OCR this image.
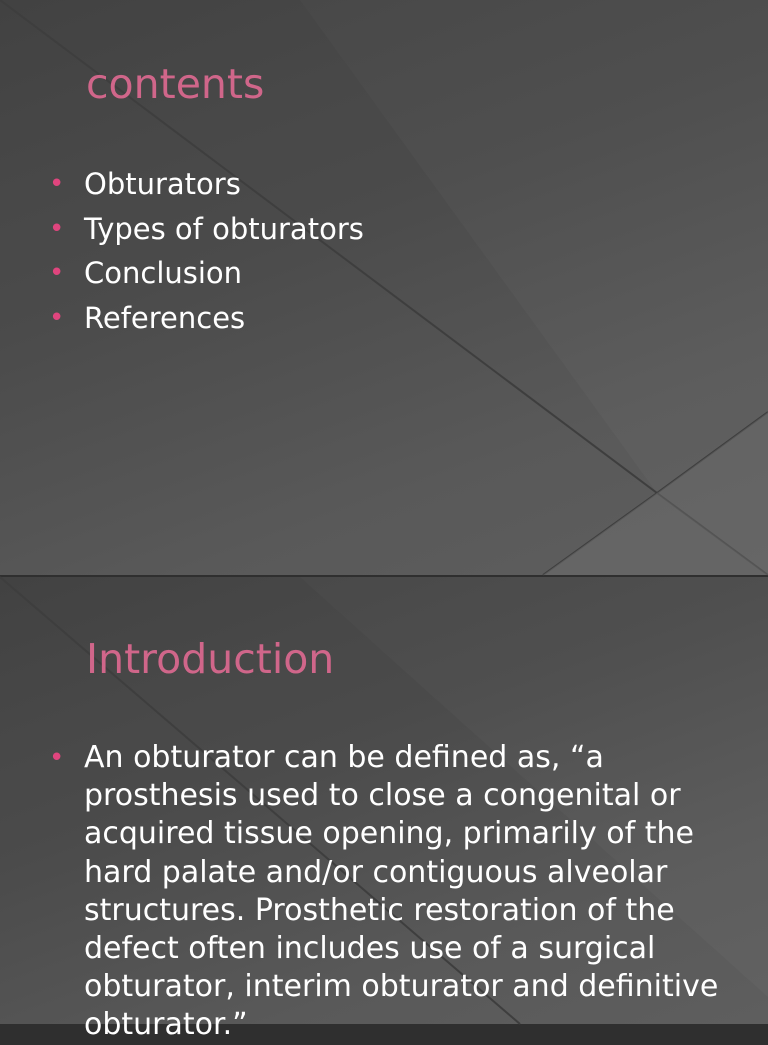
contents
• Obturators
• Types of obturators
• Conclusion
• References
Introduction
• An obturator can be defined as, “a prosthesis used to close a congenital or acquired tissue opening, primarily of the hard palate and/or contiguous alveolar structures. Prosthetic restoration of the defect often includes use of a surgical obturator, interim obturator and definitive obturator.”
